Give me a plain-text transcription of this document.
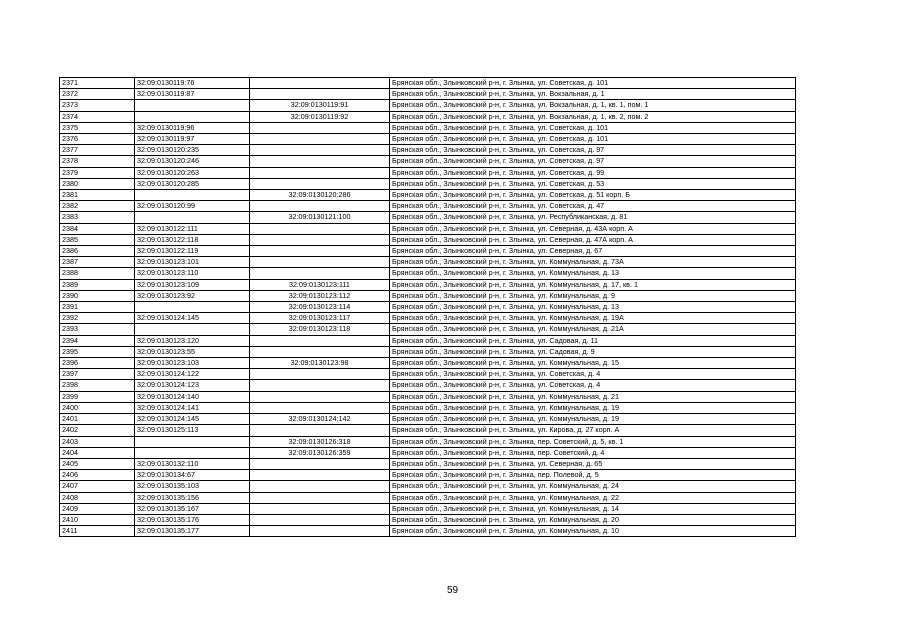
2371	32:09:0130119:76		Брянская обл., Злынковский р-н, г. Злынка, ул. Советская, д. 101
2372	32:09:0130119:87		Брянская обл., Злынковский р-н, г. Злынка, ул. Вокзальная, д. 1
2373		32:09:0130119:91	Брянская обл., Злынковский р-н, г. Злынка, ул. Вокзальная, д. 1, кв. 1, пом. 1
2374		32:09:0130119:92	Брянская обл., Злынковский р-н, г. Злынка, ул. Вокзальная, д. 1, кв. 2, пом. 2
2375	32:09:0130119:96		Брянская обл., Злынковский р-н, г. Злынка, ул. Советская, д. 101
2376	32:09:0130119:97		Брянская обл., Злынковский р-н, г. Злынка, ул. Советская, д. 101
2377	32:09:0130120:235		Брянская обл., Злынковский р-н, г. Злынка, ул. Советская, д. 97
2378	32:09:0130120:246		Брянская обл., Злынковский р-н, г. Злынка, ул. Советская, д. 97
2379	32:09:0130120:263		Брянская обл., Злынковский р-н, г. Злынка, ул. Советская, д. 99
2380	32:09:0130120:285		Брянская обл., Злынковский р-н, г. Злынка, ул. Советская, д. 53
2381		32:09:0130120:286	Брянская обл., Злынковский р-н, г. Злынка, ул. Советская, д. 51 корп. Б
2382	32:09:0130120:99		Брянская обл., Злынковский р-н, г. Злынка, ул. Советская, д. 47
2383		32:09:0130121:100	Брянская обл., Злынковский р-н, г. Злынка, ул. Республиканская, д. 81
2384	32:09:0130122:111		Брянская обл., Злынковский р-н, г. Злынка, ул. Северная, д. 43А корп. А
2385	32:09:0130122:118		Брянская обл., Злынковский р-н, г. Злынка, ул. Северная, д. 47А корп. А
2386	32:09:0130122:119		Брянская обл., Злынковский р-н, г. Злынка, ул. Северная, д. 67
2387	32:09:0130123:101		Брянская обл., Злынковский р-н, г. Злынка, ул. Коммунальная, д. 73А
2388	32:09:0130123:110		Брянская обл., Злынковский р-н, г. Злынка, ул. Коммунальная, д. 13
2389	32:09:0130123:109	32:09:0130123:111	Брянская обл., Злынковский р-н, г. Злынка, ул. Коммунальная, д. 17, кв. 1
2390	32:09:0130123:92	32:09:0130123:112	Брянская обл., Злынковский р-н, г. Злынка, ул. Коммунальная, д. 9
2391		32:09:0130123:114	Брянская обл., Злынковский р-н, г. Злынка, ул. Коммунальная, д. 13
2392	32:09:0130124:145	32:09:0130123:117	Брянская обл., Злынковский р-н, г. Злынка, ул. Коммунальная, д. 19А
2393		32:09:0130123:118	Брянская обл., Злынковский р-н, г. Злынка, ул. Коммунальная, д. 21А
2394	32:09:0130123:120		Брянская обл., Злынковский р-н, г. Злынка, ул. Садовая, д. 11
2395	32:09:0130123:55		Брянская обл., Злынковский р-н, г. Злынка, ул. Садовая, д. 9
2396	32:09:0130123:103	32:09:0130123:98	Брянская обл., Злынковский р-н, г. Злынка, ул. Коммунальная, д. 15
2397	32:09:0130124:122		Брянская обл., Злынковский р-н, г. Злынка, ул. Советская, д. 4
2398	32:09:0130124:123		Брянская обл., Злынковский р-н, г. Злынка, ул. Советская, д. 4
2399	32:09:0130124:140		Брянская обл., Злынковский р-н, г. Злынка, ул. Коммунальная, д. 21
2400	32:09:0130124:141		Брянская обл., Злынковский р-н, г. Злынка, ул. Коммунальная, д. 19
2401	32:09:0130124:145	32:09:0130124:142	Брянская обл., Злынковский р-н, г. Злынка, ул. Коммунальная, д. 19
2402	32:09:0130125:113		Брянская обл., Злынковский р-н, г. Злынка, ул. Кирова, д. 27 корп. А
2403		32:09:0130126:318	Брянская обл., Злынковский р-н, г. Злынка, пер. Советский, д. 5, кв. 1
2404		32:09:0130126:359	Брянская обл., Злынковский р-н, г. Злынка, пер. Советский, д. 4
2405	32:09:0130132:110		Брянская обл., Злынковский р-н, г. Злынка, ул. Северная, д. 65
2406	32:09:0130134:67		Брянская обл., Злынковский р-н, г. Злынка, пер. Полевой, д. 5
2407	32:09:0130135:103		Брянская обл., Злынковский р-н, г. Злынка, ул. Коммунальная, д. 24
2408	32:09:0130135:156		Брянская обл., Злынковский р-н, г. Злынка, ул. Коммунальная, д. 22
2409	32:09:0130135:167		Брянская обл., Злынковский р-н, г. Злынка, ул. Коммунальная, д. 14
2410	32:09:0130135:176		Брянская обл., Злынковский р-н, г. Злынка, ул. Коммунальная, д. 20
2411	32:09:0130135:177		Брянская обл., Злынковский р-н, г. Злынка, ул. Коммунальная, д. 10
59
